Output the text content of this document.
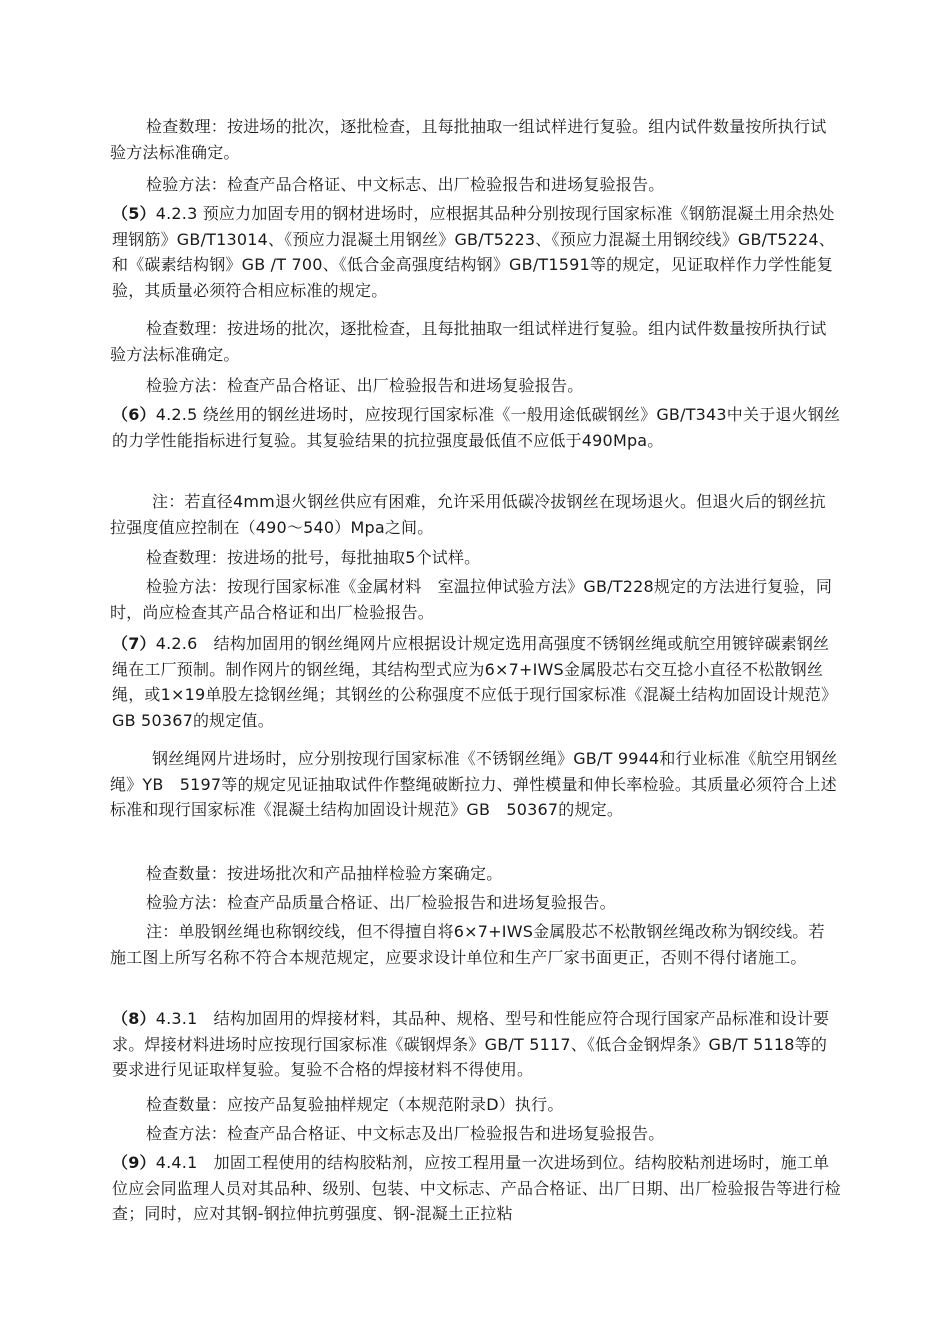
检查数理：按进场的批次，逐批检查，且每批抽取一组试样进行复验。组内试件数量按所执行试验方法标准确定。

检验方法：检查产品合格证、中文标志、出厂检验报告和进场复验报告。

（5）4.2.3 预应力加固专用的钢材进场时，应根据其品种分别按现行国家标准《钢筋混凝土用余热处理钢筋》GB/T13014、《预应力混凝土用钢丝》GB/T5223、《预应力混凝土用钢绞线》GB/T5224、和《碳素结构钢》GB /T 700、《低合金高强度结构钢》GB/T1591等的规定，见证取样作力学性能复验，其质量必须符合相应标准的规定。

检查数理：按进场的批次，逐批检查，且每批抽取一组试样进行复验。组内试件数量按所执行试验方法标准确定。

检验方法：检查产品合格证、出厂检验报告和进场复验报告。

（6）4.2.5 绕丝用的钢丝进场时，应按现行国家标准《一般用途低碳钢丝》GB/T343中关于退火钢丝的力学性能指标进行复验。其复验结果的抗拉强度最低值不应低于490Mpa。

注：若直径4mm退火钢丝供应有困难，允许采用低碳冷拔钢丝在现场退火。但退火后的钢丝抗拉强度值应控制在（490～540）Mpa之间。

检查数理：按进场的批号，每批抽取5个试样。

检验方法：按现行国家标准《金属材料　室温拉伸试验方法》GB/T228规定的方法进行复验，同时，尚应检查其产品合格证和出厂检验报告。

（7）4.2.6　结构加固用的钢丝绳网片应根据设计规定选用高强度不锈钢丝绳或航空用镀锌碳素钢丝绳在工厂预制。制作网片的钢丝绳，其结构型式应为6×7+IWS金属股芯右交互捻小直径不松散钢丝绳，或1×19单股左捻钢丝绳；其钢丝的公称强度不应低于现行国家标准《混凝土结构加固设计规范》GB 50367的规定值。

钢丝绳网片进场时，应分别按现行国家标准《不锈钢丝绳》GB/T 9944和行业标准《航空用钢丝绳》YB　5197等的规定见证抽取试件作整绳破断拉力、弹性模量和伸长率检验。其质量必须符合上述标准和现行国家标准《混凝土结构加固设计规范》GB　50367的规定。

检查数量：按进场批次和产品抽样检验方案确定。

检验方法：检查产品质量合格证、出厂检验报告和进场复验报告。

注：单股钢丝绳也称钢绞线，但不得擅自将6×7+IWS金属股芯不松散钢丝绳改称为钢绞线。若施工图上所写名称不符合本规范规定，应要求设计单位和生产厂家书面更正，否则不得付诸施工。

（8）4.3.1　结构加固用的焊接材料，其品种、规格、型号和性能应符合现行国家产品标准和设计要求。焊接材料进场时应按现行国家标准《碳钢焊条》GB/T 5117、《低合金钢焊条》GB/T 5118等的要求进行见证取样复验。复验不合格的焊接材料不得使用。

检查数量：应按产品复验抽样规定（本规范附录D）执行。

检查方法：检查产品合格证、中文标志及出厂检验报告和进场复验报告。

（9）4.4.1　加固工程使用的结构胶粘剂，应按工程用量一次进场到位。结构胶粘剂进场时，施工单位应会同监理人员对其品种、级别、包装、中文标志、产品合格证、出厂日期、出厂检验报告等进行检查；同时，应对其钢-钢拉伸抗剪强度、钢-混凝土正拉粘
